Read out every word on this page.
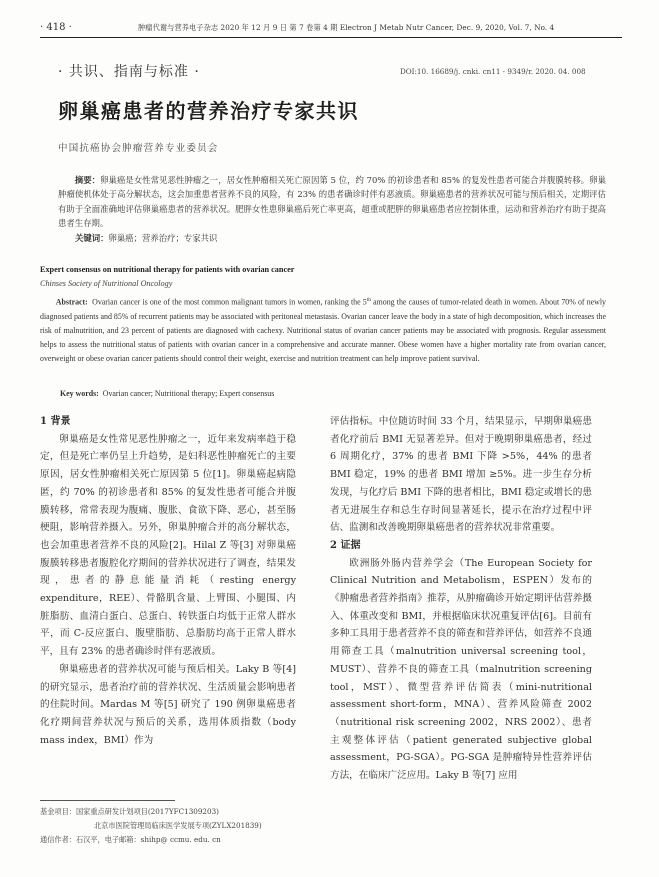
· 418 ·	肿瘤代谢与营养电子杂志 2020 年 12 月 9 日 第 7 卷第 4 期 Electron J Metab Nutr Cancer, Dec. 9, 2020, Vol. 7, No. 4
· 共识、指南与标准 ·	DOI:10. 16689/j. cnki. cn11 - 9349/r. 2020. 04. 008
卵巢癌患者的营养治疗专家共识
中国抗癌协会肿瘤营养专业委员会

摘要：卵巢癌是女性常见恶性肿瘤之一，居女性肿瘤相关死亡原因第 5 位，约 70% 的初诊患者和 85% 的复发性患者可能合并腹膜转移。卵巢肿瘤使机体处于高分解状态，这会加重患者营养不良的风险，有 23% 的患者确诊时伴有恶液质。卵巢癌患者的营养状况可能与预后相关，定期评估有助于全面准确地评估卵巢癌患者的营养状况。肥胖女性患卵巢癌后死亡率更高，超重或肥胖的卵巢癌患者应控制体重，运动和营养治疗有助于提高患者生存期。

关键词：卵巢癌；营养治疗；专家共识
Expert consensus on nutritional therapy for patients with ovarian cancer
Chinses Society of Nutritional Oncology

Abstract: Ovarian cancer is one of the most common malignant tumors in women, ranking the 5th among the causes of tumor-related death in women. About 70% of newly diagnosed patients and 85% of recurrent patients may be associated with peritoneal metastasis. Ovarian cancer leave the body in a state of high decomposition, which increases the risk of malnutrition, and 23 percent of patients are diagnosed with cachexy. Nutritional status of ovarian cancer patients may be associated with prognosis. Regular assessment helps to assess the nutritional status of patients with ovarian cancer in a comprehensive and accurate manner. Obese women have a higher mortality rate from ovarian cancer, overweight or obese ovarian cancer patients should control their weight, exercise and nutrition treatment can help improve patient survival.

Key words: Ovarian cancer; Nutritional therapy; Expert consensus

1 背景

卵巢癌是女性常见恶性肿瘤之一，近年来发病率趋于稳定，但是死亡率仍呈上升趋势，是妇科恶性肿瘤死亡的主要原因，居女性肿瘤相关死亡原因第 5 位[1]。卵巢癌起病隐匿，约 70% 的初诊患者和 85% 的复发性患者可能合并腹膜转移，常常表现为腹痛、腹胀、食欲下降、恶心，甚至肠梗阻，影响营养摄入。另外，卵巢肿瘤合并的高分解状态，也会加重患者营养不良的风险[2]。Hilal Z 等[3] 对卵巢癌腹膜转移患者腹腔化疗期间的营养状况进行了调查，结果发现，患者的静息能量消耗（resting energy expenditure，REE）、骨骼肌含量、上臂围、小腿围、内脏脂肪、血清白蛋白、总蛋白、转铁蛋白均低于正常人群水平，而 C-反应蛋白、腹壁脂肪、总脂肪均高于正常人群水平，且有 23% 的患者确诊时伴有恶液质。

卵巢癌患者的营养状况可能与预后相关。Laky B 等[4] 的研究显示，患者治疗前的营养状况、生活质量会影响患者的住院时间。Mardas M 等[5] 研究了 190 例卵巢癌患者化疗期间营养状况与预后的关系，选用体质指数（body mass index，BMI）作为

评估指标。中位随访时间 33 个月，结果显示，早期卵巢癌患者化疗前后 BMI 无显著差异。但对于晚期卵巢癌患者，经过 6 周期化疗，37% 的患者 BMI 下降 >5%，44% 的患者 BMI 稳定，19% 的患者 BMI 增加 ≥5%。进一步生存分析发现，与化疗后 BMI 下降的患者相比，BMI 稳定或增长的患者无进展生存和总生存时间显著延长，提示在治疗过程中评估、监测和改善晚期卵巢癌患者的营养状况非常重要。

2 证据

欧洲肠外肠内营养学会（The European Society for Clinical Nutrition and Metabolism，ESPEN）发布的《肿瘤患者营养指南》推荐，从肿瘤确诊开始定期评估营养摄入、体重改变和 BMI，并根据临床状况重复评估[6]。目前有多种工具用于患者营养不良的筛查和营养评估，如营养不良通用筛查工具（malnutrition universal screening tool，MUST）、营养不良的筛查工具（malnutrition screening tool，MST）、微型营养评估简表（mini-nutritional assessment short-form，MNA）、营养风险筛查 2002（nutritional risk screening 2002，NRS 2002）、患者主观整体评估（patient generated subjective global assessment，PG-SGA）。PG-SGA 是肿瘤特异性营养评估方法，在临床广泛应用。Laky B 等[7] 应用

基金项目：国家重点研发计划项目(2017YFC1309203)
北京市医院管理局临床医学发展专项(ZYLX201839)
通信作者：石汉平，电子邮箱：shihp@ ccmu. edu. cn
